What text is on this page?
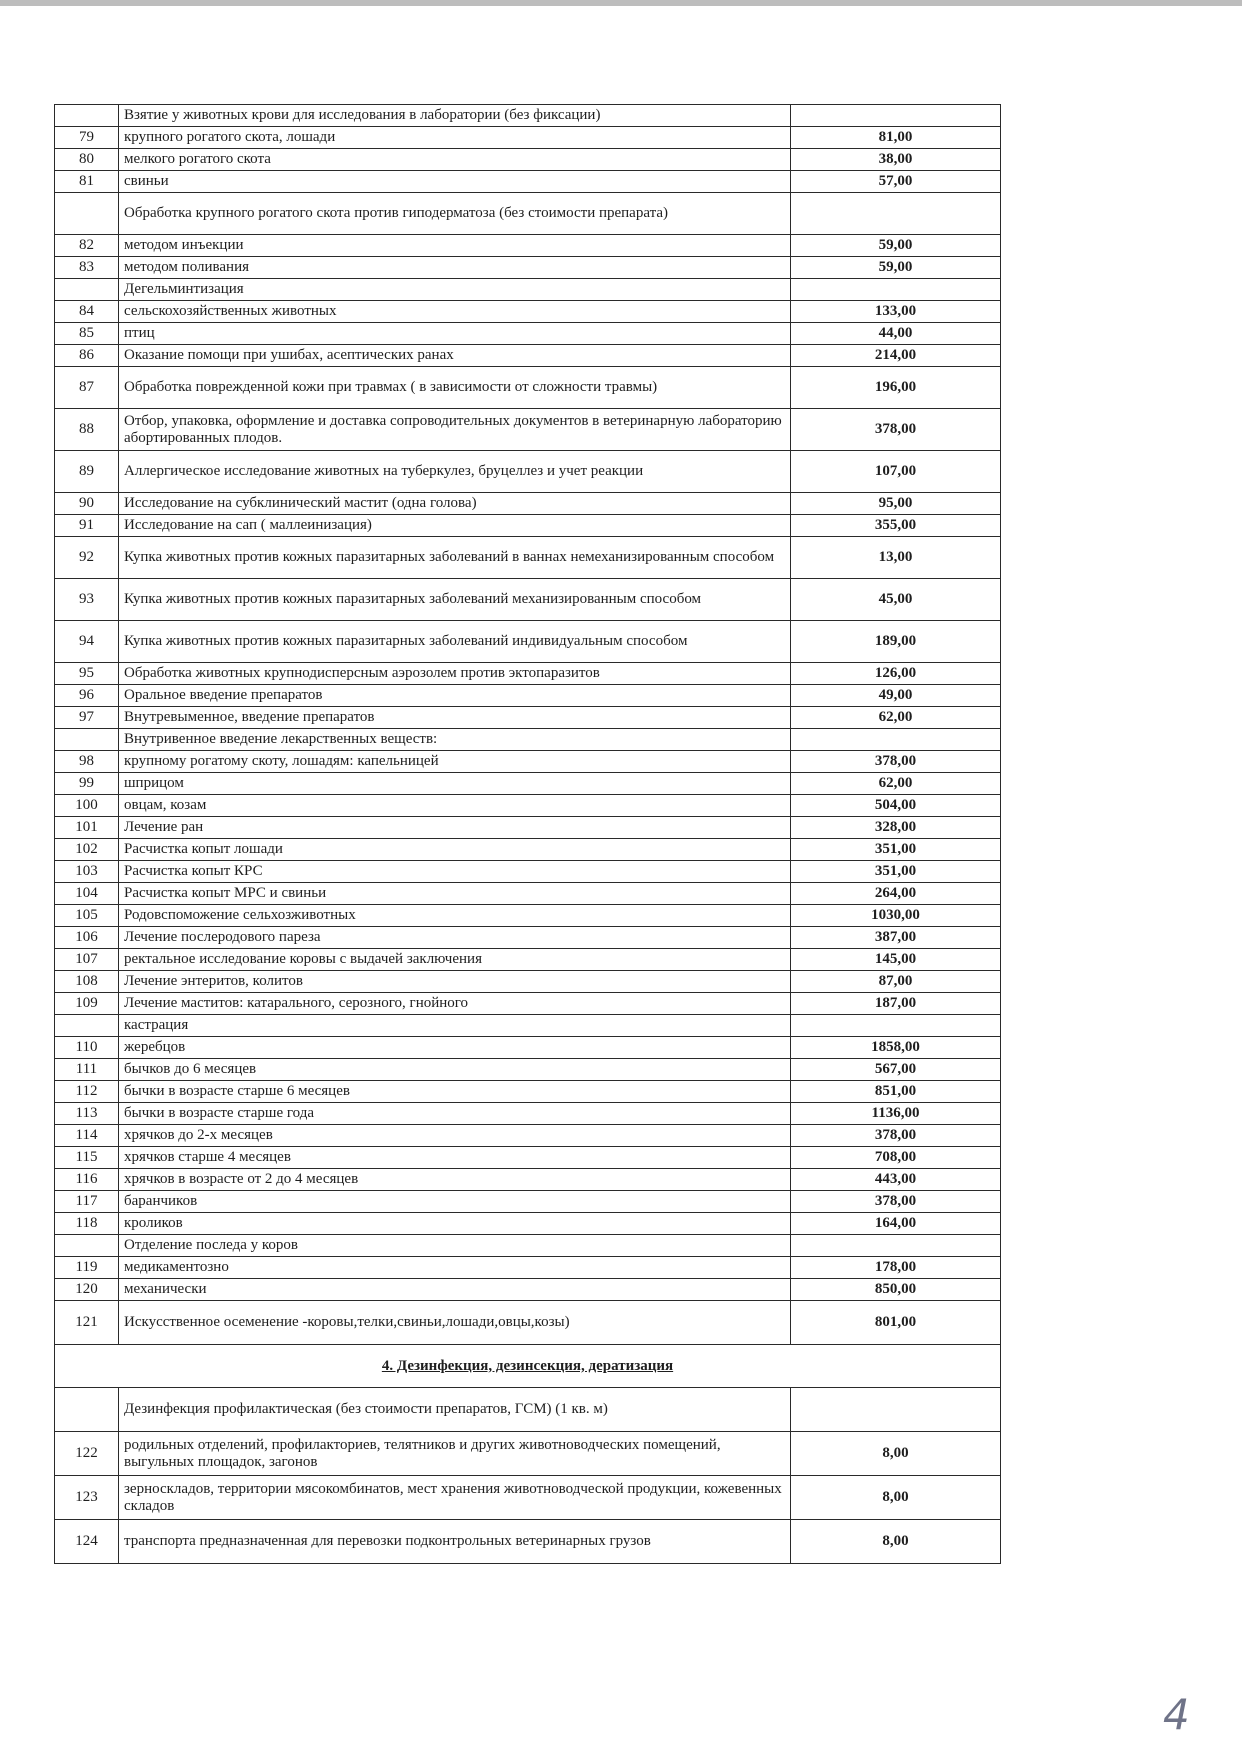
	Взятие у животных крови для исследования в лаборатории (без фиксации)	
79	крупного рогатого скота, лошади	81,00
80	мелкого рогатого скота	38,00
81	свиньи	57,00
	Обработка крупного рогатого скота против гиподерматоза (без стоимости препарата)	
82	методом инъекции	59,00
83	методом поливания	59,00
	Дегельминтизация	
84	сельскохозяйственных животных	133,00
85	птиц	44,00
86	Оказание помощи при ушибах, асептических ранах	214,00
87	Обработка поврежденной кожи при травмах ( в зависимости от сложности травмы)	196,00
88	Отбор, упаковка, оформление и доставка сопроводительных документов в ветеринарную лабораторию абортированных плодов.	378,00
89	Аллергическое исследование животных на туберкулез, бруцеллез и учет реакции	107,00
90	Исследование на субклинический мастит (одна голова)	95,00
91	Исследование на сап ( маллеинизация)	355,00
92	Купка животных против кожных паразитарных заболеваний в ваннах немеханизированным способом	13,00
93	Купка животных против кожных паразитарных заболеваний механизированным способом	45,00
94	Купка животных против кожных паразитарных заболеваний индивидуальным способом	189,00
95	Обработка животных крупнодисперсным аэрозолем против эктопаразитов	126,00
96	Оральное введение препаратов	49,00
97	Внутревыменное, введение препаратов	62,00
	Внутривенное введение лекарственных веществ:	
98	крупному рогатому скоту, лошадям: капельницей	378,00
99	шприцом	62,00
100	овцам, козам	504,00
101	Лечение ран	328,00
102	Расчистка копыт лошади	351,00
103	Расчистка копыт КРС	351,00
104	Расчистка копыт МРС и свиньи	264,00
105	Родовспоможение сельхозживотных	1030,00
106	Лечение послеродового пареза	387,00
107	ректальное исследование коровы с выдачей заключения	145,00
108	Лечение энтеритов, колитов	87,00
109	Лечение маститов: катарального, серозного, гнойного	187,00
	кастрация	
110	жеребцов	1858,00
111	бычков до 6 месяцев	567,00
112	бычки в возрасте старше 6 месяцев	851,00
113	бычки в возрасте старше года	1136,00
114	хрячков до 2-х месяцев	378,00
115	хрячков старше 4 месяцев	708,00
116	хрячков в возрасте от 2 до 4 месяцев	443,00
117	баранчиков	378,00
118	кроликов	164,00
	Отделение последа у коров	
119	медикаментозно	178,00
120	механически	850,00
121	Искусственное осеменение -коровы,телки,свиньи,лошади,овцы,козы)	801,00
4. Дезинфекция, дезинсекция, дератизация		
	Дезинфекция профилактическая (без стоимости препаратов, ГСМ) (1 кв. м)	
122	родильных отделений, профилакториев, телятников и других животноводческих помещений, выгульных площадок, загонов	8,00
123	зерноскладов, территории мясокомбинатов, мест хранения животноводческой продукции, кожевенных складов	8,00
124	транспорта предназначенная для перевозки подконтрольных ветеринарных грузов	8,00
4
